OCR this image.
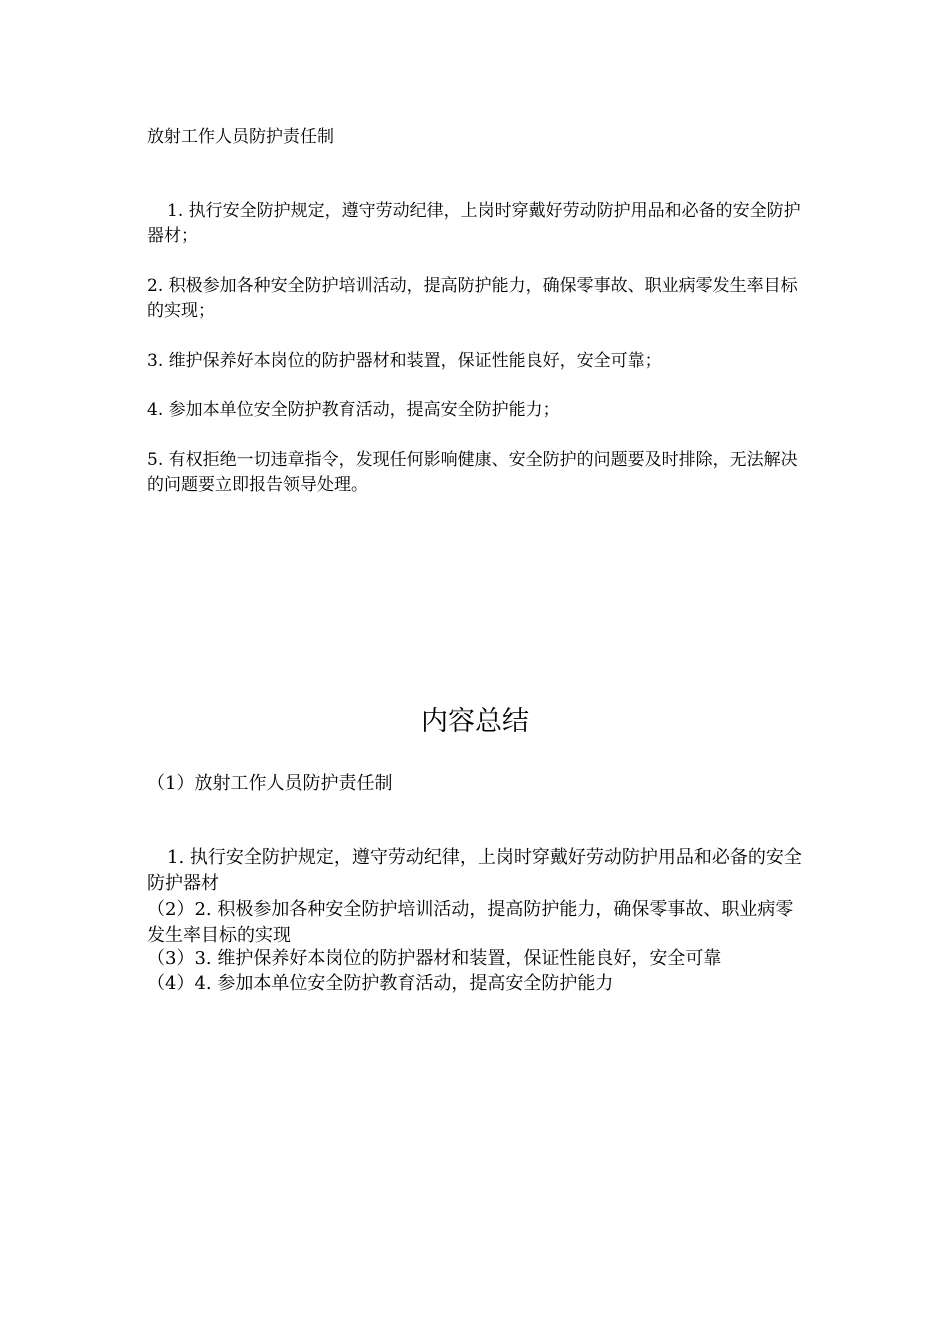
放射工作人员防护责任制
1. 执行安全防护规定，遵守劳动纪律，上岗时穿戴好劳动防护用品和必备的安全防护器材；
2. 积极参加各种安全防护培训活动，提高防护能力，确保零事故、职业病零发生率目标的实现；
3. 维护保养好本岗位的防护器材和装置，保证性能良好，安全可靠；
4. 参加本单位安全防护教育活动，提高安全防护能力；
5. 有权拒绝一切违章指令，发现任何影响健康、安全防护的问题要及时排除，无法解决的问题要立即报告领导处理。
内容总结
（1）放射工作人员防护责任制
1. 执行安全防护规定，遵守劳动纪律，上岗时穿戴好劳动防护用品和必备的安全防护器材
（2）2. 积极参加各种安全防护培训活动，提高防护能力，确保零事故、职业病零发生率目标的实现
（3）3. 维护保养好本岗位的防护器材和装置，保证性能良好，安全可靠
（4）4. 参加本单位安全防护教育活动，提高安全防护能力
